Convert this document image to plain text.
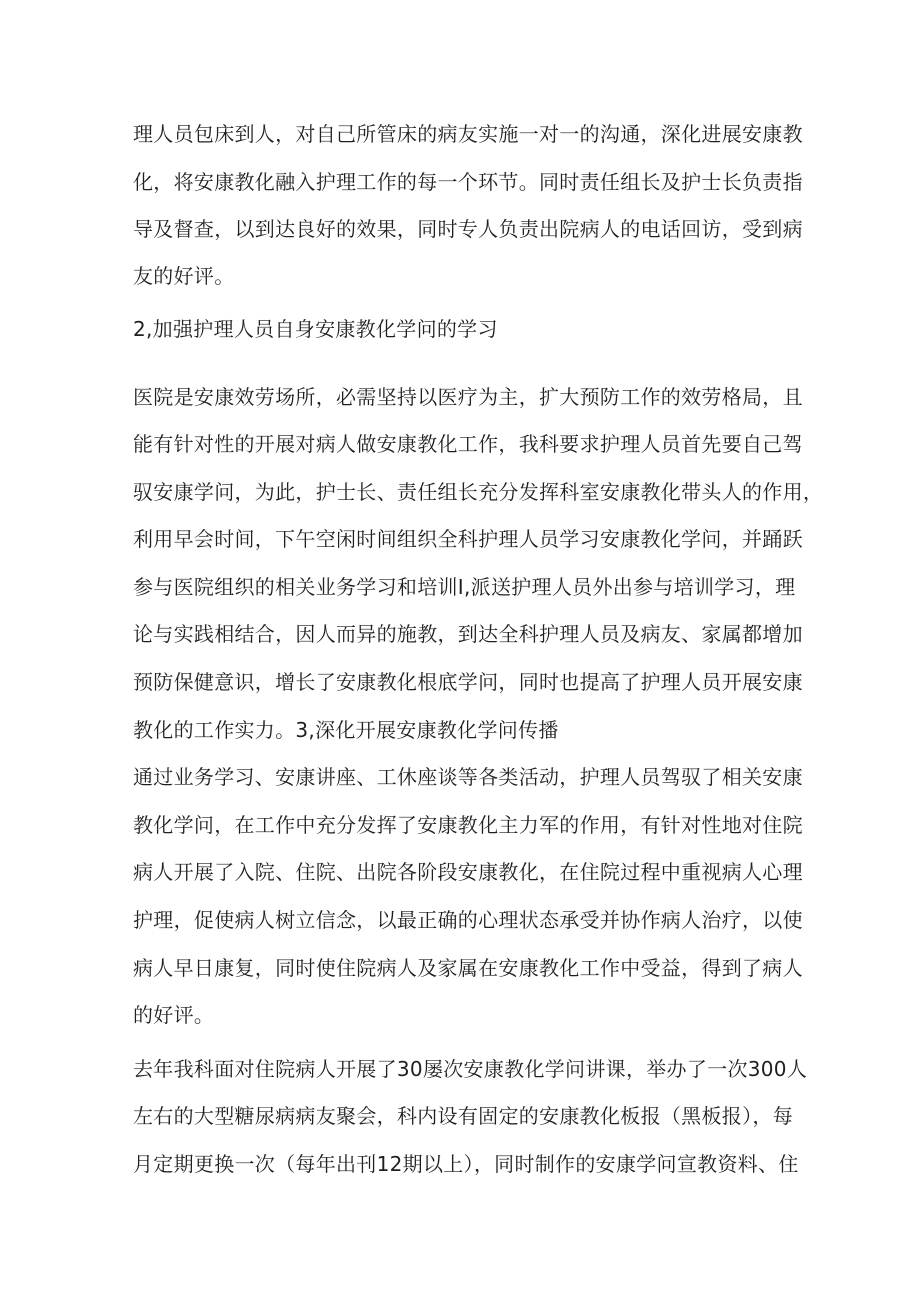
理人员包床到人，对自己所管床的病友实施一对一的沟通，深化进展安康教
化，将安康教化融入护理工作的每一个环节。同时责任组长及护士长负责指
导及督查，以到达良好的效果，同时专人负责出院病人的电话回访，受到病
友的好评。
2,加强护理人员自身安康教化学问的学习
医院是安康效劳场所，必需坚持以医疗为主，扩大预防工作的效劳格局，且
能有针对性的开展对病人做安康教化工作，我科要求护理人员首先要自己驾
驭安康学问，为此，护士长、责任组长充分发挥科室安康教化带头人的作用，
利用早会时间，下午空闲时间组织全科护理人员学习安康教化学问，并踊跃
参与医院组织的相关业务学习和培训I,派送护理人员外出参与培训学习，理
论与实践相结合，因人而异的施教，到达全科护理人员及病友、家属都增加
预防保健意识，增长了安康教化根底学问，同时也提高了护理人员开展安康
教化的工作实力。3,深化开展安康教化学问传播
通过业务学习、安康讲座、工休座谈等各类活动，护理人员驾驭了相关安康
教化学问，在工作中充分发挥了安康教化主力军的作用，有针对性地对住院
病人开展了入院、住院、出院各阶段安康教化，在住院过程中重视病人心理
护理，促使病人树立信念，以最正确的心理状态承受并协作病人治疗，以使
病人早日康复，同时使住院病人及家属在安康教化工作中受益，得到了病人
的好评。
去年我科面对住院病人开展了30屡次安康教化学问讲课，举办了一次300人
左右的大型糖尿病病友聚会，科内设有固定的安康教化板报（黑板报），每
月定期更换一次（每年出刊12期以上），同时制作的安康学问宣教资料、住
